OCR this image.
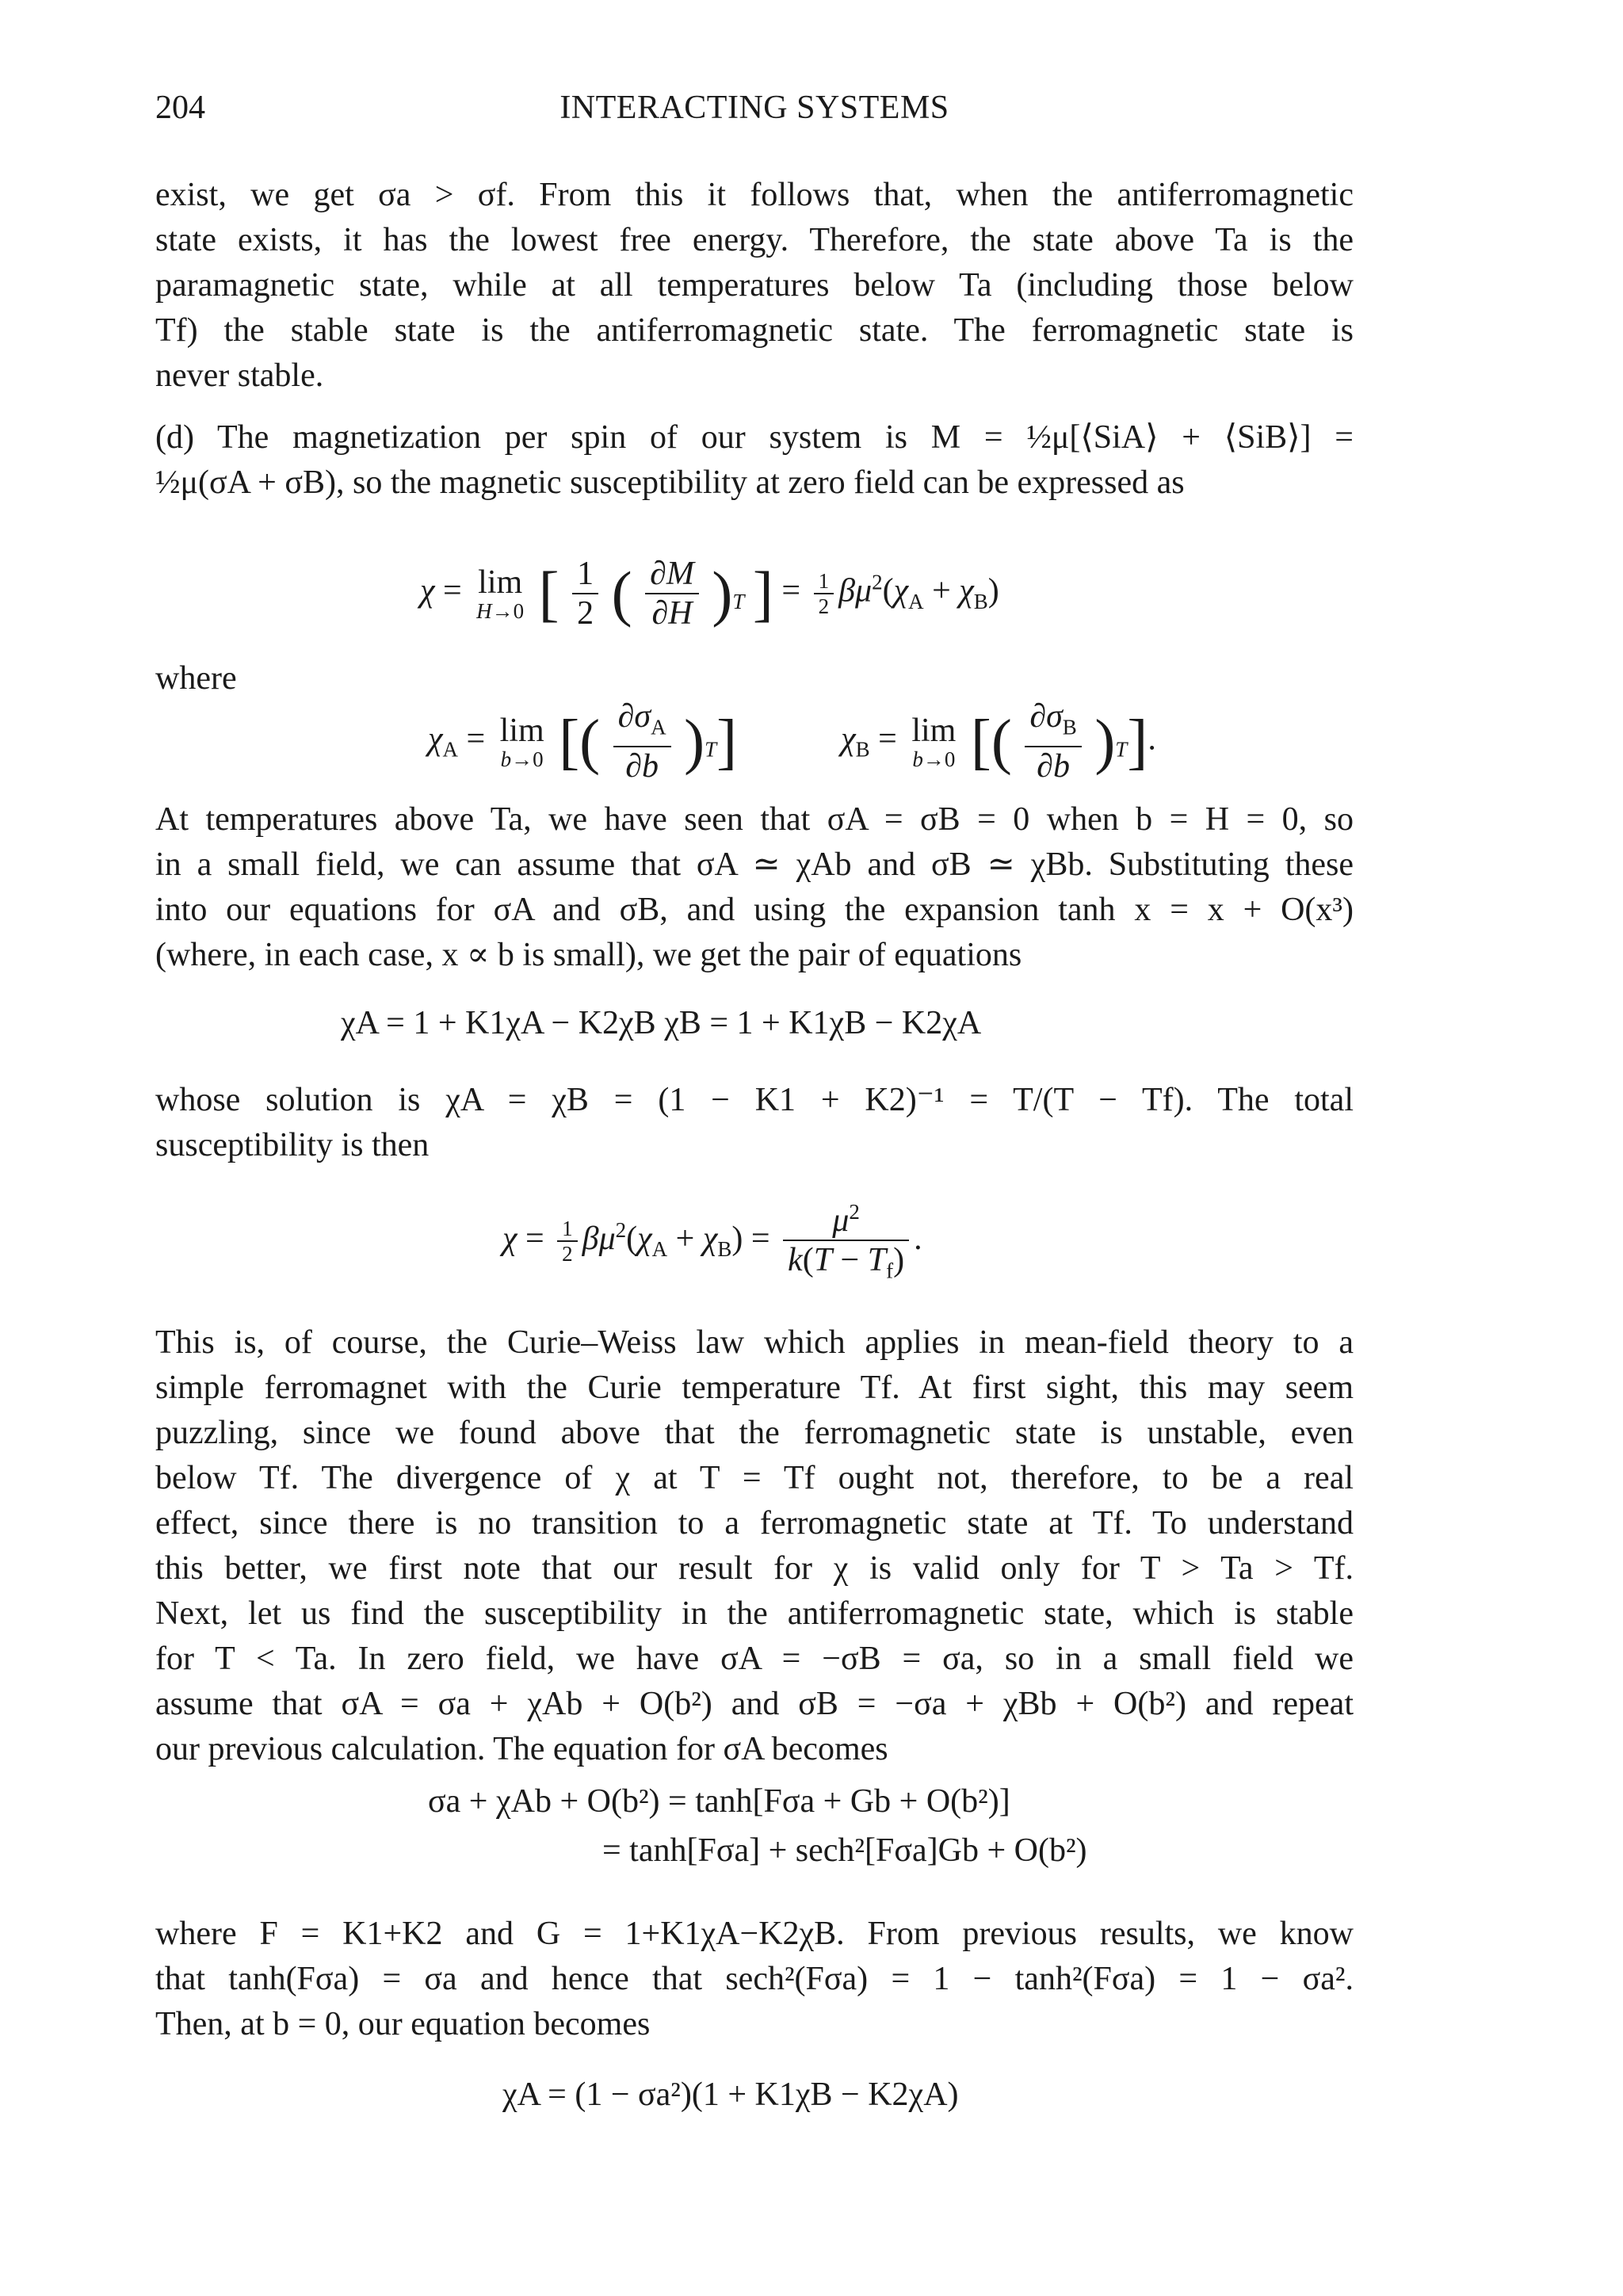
204	INTERACTING SYSTEMS
exist, we get σa > σf. From this it follows that, when the antiferromagnetic
state exists, it has the lowest free energy. Therefore, the state above Ta is the
paramagnetic state, while at all temperatures below Ta (including those below
Tf) the stable state is the antiferromagnetic state. The ferromagnetic state is
never stable.
(d) The magnetization per spin of our system is M = ½μ[⟨SiA⟩ + ⟨SiB⟩] =
½μ(σA + σB), so the magnetic susceptibility at zero field can be expressed as
χ = lim
H→0 [ $\frac{1}{2}$ ( $\frac{\partial M}{\partial H} )_T$ ] = $\frac{1}{2} \beta\mu^2(\chi_A + \chi_B)$
where
$\chi_A = \lim$
b→0 [( $\frac{\partial\sigma_A}{\partial b} )_T$]	$\chi_B = \lim$
b→0 [( $\frac{\partial\sigma_B}{\partial b} )_T$].
At temperatures above Ta, we have seen that σA = σB = 0 when b = H = 0, so
in a small field, we can assume that σA ≃ χAb and σB ≃ χBb. Substituting these
into our equations for σA and σB, and using the expansion tanh x = x + O(x³)
(where, in each case, x ∝ b is small), we get the pair of equations
χA = 1 + K1χA − K2χB χB = 1 + K1χB − K2χA
whose solution is χA = χB = (1 − K1 + K2)⁻¹ = T/(T − Tf). The total
susceptibility is then
$\chi = \frac{1}{2} \beta\mu^2(\chi_A + \chi_B) = \frac{\mu^2}{k(T - T_f)}$ .
This is, of course, the Curie–Weiss law which applies in mean-field theory to a
simple ferromagnet with the Curie temperature Tf. At first sight, this may seem
puzzling, since we found above that the ferromagnetic state is unstable, even
below Tf. The divergence of χ at T = Tf ought not, therefore, to be a real
effect, since there is no transition to a ferromagnetic state at Tf. To understand
this better, we first note that our result for χ is valid only for T > Ta > Tf.
Next, let us find the susceptibility in the antiferromagnetic state, which is stable
for T < Ta. In zero field, we have σA = −σB = σa, so in a small field we
assume that σA = σa + χAb + O(b²) and σB = −σa + χBb + O(b²) and repeat
our previous calculation. The equation for σA becomes
σa + χAb + O(b²) = tanh[Fσa + Gb + O(b²)]
= tanh[Fσa] + sech²[Fσa]Gb + O(b²)
where F = K1+K2 and G = 1+K1χA−K2χB. From previous results, we know
that tanh(Fσa) = σa and hence that sech²(Fσa) = 1 − tanh²(Fσa) = 1 − σa².
Then, at b = 0, our equation becomes
χA = (1 − σa²)(1 + K1χB − K2χA)
